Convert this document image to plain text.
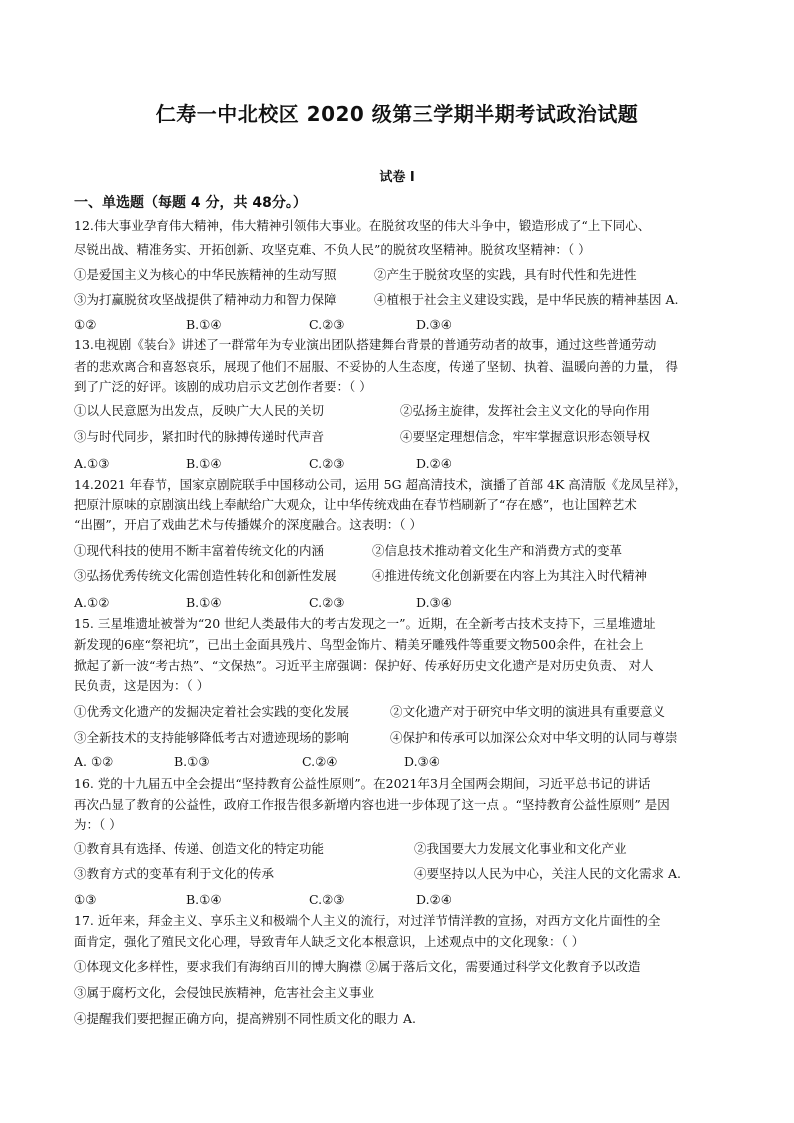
仁寿一中北校区 2020 级第三学期半期考试政治试题
试卷 Ⅰ
一、单选题（每题 4 分，共 48分。）
12.伟大事业孕育伟大精神，伟大精神引领伟大事业。在脱贫攻坚的伟大斗争中，锻造形成了“上下同心、
尽锐出战、精准务实、开拓创新、攻坚克难、不负人民”的脱贫攻坚精神。脱贫攻坚精神：（ ）
①是爱国主义为核心的中华民族精神的生动写照	②产生于脱贫攻坚的实践，具有时代性和先进性
③为打赢脱贫攻坚战提供了精神动力和智力保障	④植根于社会主义建设实践，是中华民族的精神基因 A.
①②	B.①④	C.②③	D.③④
13.电视剧《装台》讲述了一群常年为专业演出团队搭建舞台背景的普通劳动者的故事，通过这些普通劳动
者的悲欢离合和喜怒哀乐，展现了他们不屈服、不妥协的人生态度，传递了坚韧、执着、温暖向善的力量， 得
到了广泛的好评。该剧的成功启示文艺创作者要：（ ）
①以人民意愿为出发点，反映广大人民的关切	②弘扬主旋律，发挥社会主义文化的导向作用
③与时代同步，紧扣时代的脉搏传递时代声音	④要坚定理想信念，牢牢掌握意识形态领导权
A.①③	B.①④	C.②③	D.②④
14.2021 年春节，国家京剧院联手中国移动公司，运用 5G 超高清技术，演播了首部 4K 高清版《龙凤呈祥》，
把原汁原味的京剧演出线上奉献给广大观众，让中华传统戏曲在春节档刷新了“存在感”，也让国粹艺术
“出圈”，开启了戏曲艺术与传播媒介的深度融合。这表明：（ ）
①现代科技的使用不断丰富着传统文化的内涵	②信息技术推动着文化生产和消费方式的变革
③弘扬优秀传统文化需创造性转化和创新性发展	④推进传统文化创新要在内容上为其注入时代精神
A.①②	B.①④	C.②③	D.③④
15. 三星堆遗址被誉为“20 世纪人类最伟大的考古发现之一”。近期，在全新考古技术支持下，三星堆遗址
新发现的6座“祭祀坑”，已出土金面具残片、鸟型金饰片、精美牙雕残件等重要文物500余件，在社会上
掀起了新一波“考古热”、“文保热”。习近平主席强调：保护好、传承好历史文化遗产是对历史负责、 对人
民负责，这是因为：（ ）
①优秀文化遗产的发掘决定着社会实践的变化发展	②文化遗产对于研究中华文明的演进具有重要意义
③全新技术的支持能够降低考古对遗迹现场的影响	④保护和传承可以加深公众对中华文明的认同与尊崇
A. ①②	B.①③	C.②④	D.③④
16. 党的十九届五中全会提出“坚持教育公益性原则”。在2021年3月全国两会期间，习近平总书记的讲话
再次凸显了教育的公益性，政府工作报告很多新增内容也进一步体现了这一点 。“坚持教育公益性原则” 是因
为：（ ）
①教育具有选择、传递、创造文化的特定功能	②我国要大力发展文化事业和文化产业
③教育方式的变革有利于文化的传承	④要坚持以人民为中心，关注人民的文化需求 A.
①③	B.①④	C.②③	D.②④
17. 近年来，拜金主义、享乐主义和极端个人主义的流行，对过洋节情洋教的宣扬，对西方文化片面性的全
面肯定，强化了殖民文化心理，导致青年人缺乏文化本根意识，上述观点中的文化现象：（ ）
①体现文化多样性，要求我们有海纳百川的博大胸襟 ②属于落后文化，需要通过科学文化教育予以改造
③属于腐朽文化，会侵蚀民族精神，危害社会主义事业
④提醒我们要把握正确方向，提高辨别不同性质文化的眼力 A.
